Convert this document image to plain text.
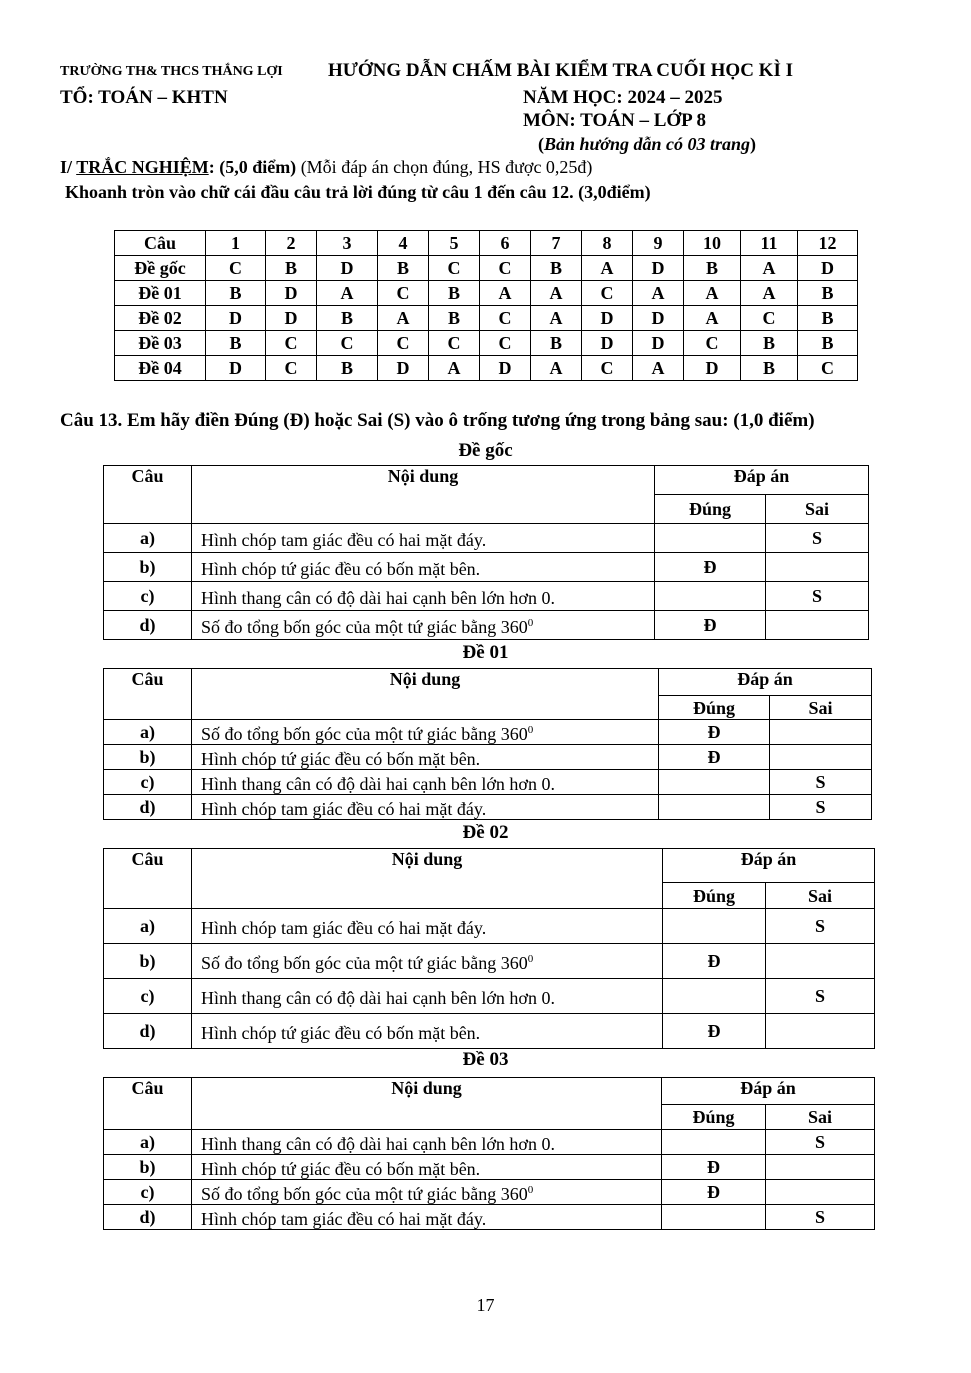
TRƯỜNG TH& THCS THẮNG LỢI HƯỚNG DẪN CHẤM BÀI KIỂM TRA CUỐI HỌC KÌ I
TỔ: TOÁN – KHTN	NĂM HỌC: 2024 – 2025
MÔN: TOÁN – LỚP 8
(Bản hướng dẫn có 03 trang)
I/ TRẮC NGHIỆM: (5,0 điểm) (Mỗi đáp án chọn đúng, HS được 0,25đ)
Khoanh tròn vào chữ cái đầu câu trả lời đúng từ câu 1 đến câu 12. (3,0điểm)
Câu	1	2	3	4	5	6	7	8	9	10	11	12
Đề gốc	C	B	D	B	C	C	B	A	D	B	A	D
Đề 01	B	D	A	C	B	A	A	C	A	A	A	B
Đề 02	D	D	B	A	B	C	A	D	D	A	C	B
Đề 03	B	C	C	C	C	C	B	D	D	C	B	B
Đề 04	D	C	B	D	A	D	A	C	A	D	B	C
Câu 13. Em hãy điền Đúng (Đ) hoặc Sai (S) vào ô trống tương ứng trong bảng sau: (1,0 điểm)
Đề gốc
Câu	Nội dung	Đáp án	
		Đúng	Sai
a)	Hình chóp tam giác đều có hai mặt đáy.		S
b)	Hình chóp tứ giác đều có bốn mặt bên.	Đ	
c)	Hình thang cân có độ dài hai cạnh bên lớn hơn 0.		S
d)	Số đo tổng bốn góc của một tứ giác bằng $360^0$	Đ	
Đề 01
Câu	Nội dung	Đáp án	
		Đúng	Sai
a)	Số đo tổng bốn góc của một tứ giác bằng $360^0$	Đ	
b)	Hình chóp tứ giác đều có bốn mặt bên.	Đ	
c)	Hình thang cân có độ dài hai cạnh bên lớn hơn 0.		S
d)	Hình chóp tam giác đều có hai mặt đáy.		S
Đề 02
Câu	Nội dung	Đáp án	
		Đúng	Sai
a)	Hình chóp tam giác đều có hai mặt đáy.		S
b)	Số đo tổng bốn góc của một tứ giác bằng $360^0$	Đ	
c)	Hình thang cân có độ dài hai cạnh bên lớn hơn 0.		S
d)	Hình chóp tứ giác đều có bốn mặt bên.	Đ	
Đề 03
Câu	Nội dung	Đáp án	
		Đúng	Sai
a)	Hình thang cân có độ dài hai cạnh bên lớn hơn 0.		S
b)	Hình chóp tứ giác đều có bốn mặt bên.	Đ	
c)	Số đo tổng bốn góc của một tứ giác bằng $360^0$	Đ	
d)	Hình chóp tam giác đều có hai mặt đáy.		S
17
